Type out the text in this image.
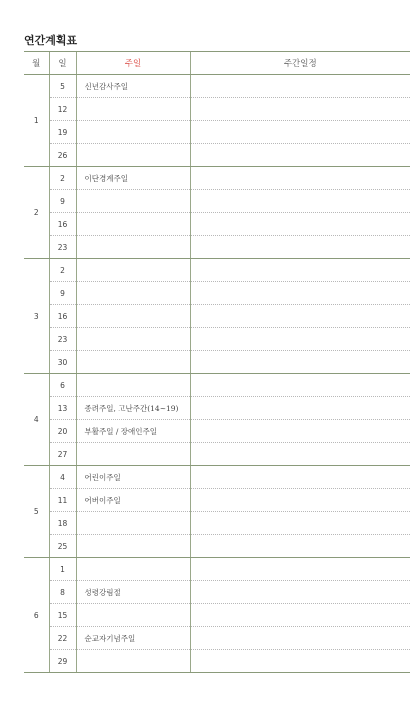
연간계획표
월	일	주일	주간일정
1	5	신년감사주일	
	12		
	19		
	26		
2	2	이단경계주일	
	9		
	16		
	23		
3	2		
	9		
	16		
	23		
	30		
4	6		
	13	종려주일, 고난주간(14~19)	
	20	부활주일 / 장애인주일	
	27		
5	4	어린이주일	
	11	어버이주일	
	18		
	25		
6	1		
	8	성령강림절	
	15		
	22	순교자기념주일	
	29		
